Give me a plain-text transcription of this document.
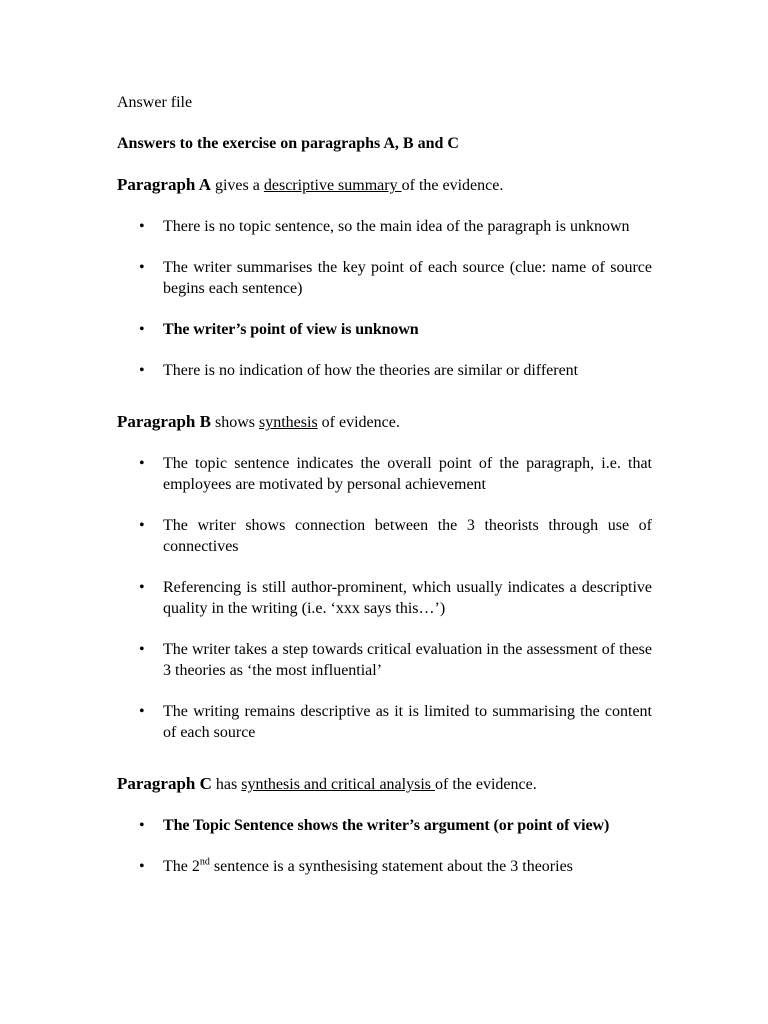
Answer file

Answers to the exercise on paragraphs A, B and C

Paragraph A gives a descriptive summary of the evidence.

• There is no topic sentence, so the main idea of the paragraph is unknown
• The writer summarises the key point of each source (clue: name of source begins each sentence)
• The writer’s point of view is unknown
• There is no indication of how the theories are similar or different

Paragraph B shows synthesis of evidence.

• The topic sentence indicates the overall point of the paragraph, i.e. that employees are motivated by personal achievement
• The writer shows connection between the 3 theorists through use of connectives
• Referencing is still author-prominent, which usually indicates a descriptive quality in the writing (i.e. ‘xxx says this…’)
• The writer takes a step towards critical evaluation in the assessment of these 3 theories as ‘the most influential’
• The writing remains descriptive as it is limited to summarising the content of each source

Paragraph C has synthesis and critical analysis of the evidence.

• The Topic Sentence shows the writer’s argument (or point of view)
• The 2nd sentence is a synthesising statement about the 3 theories
